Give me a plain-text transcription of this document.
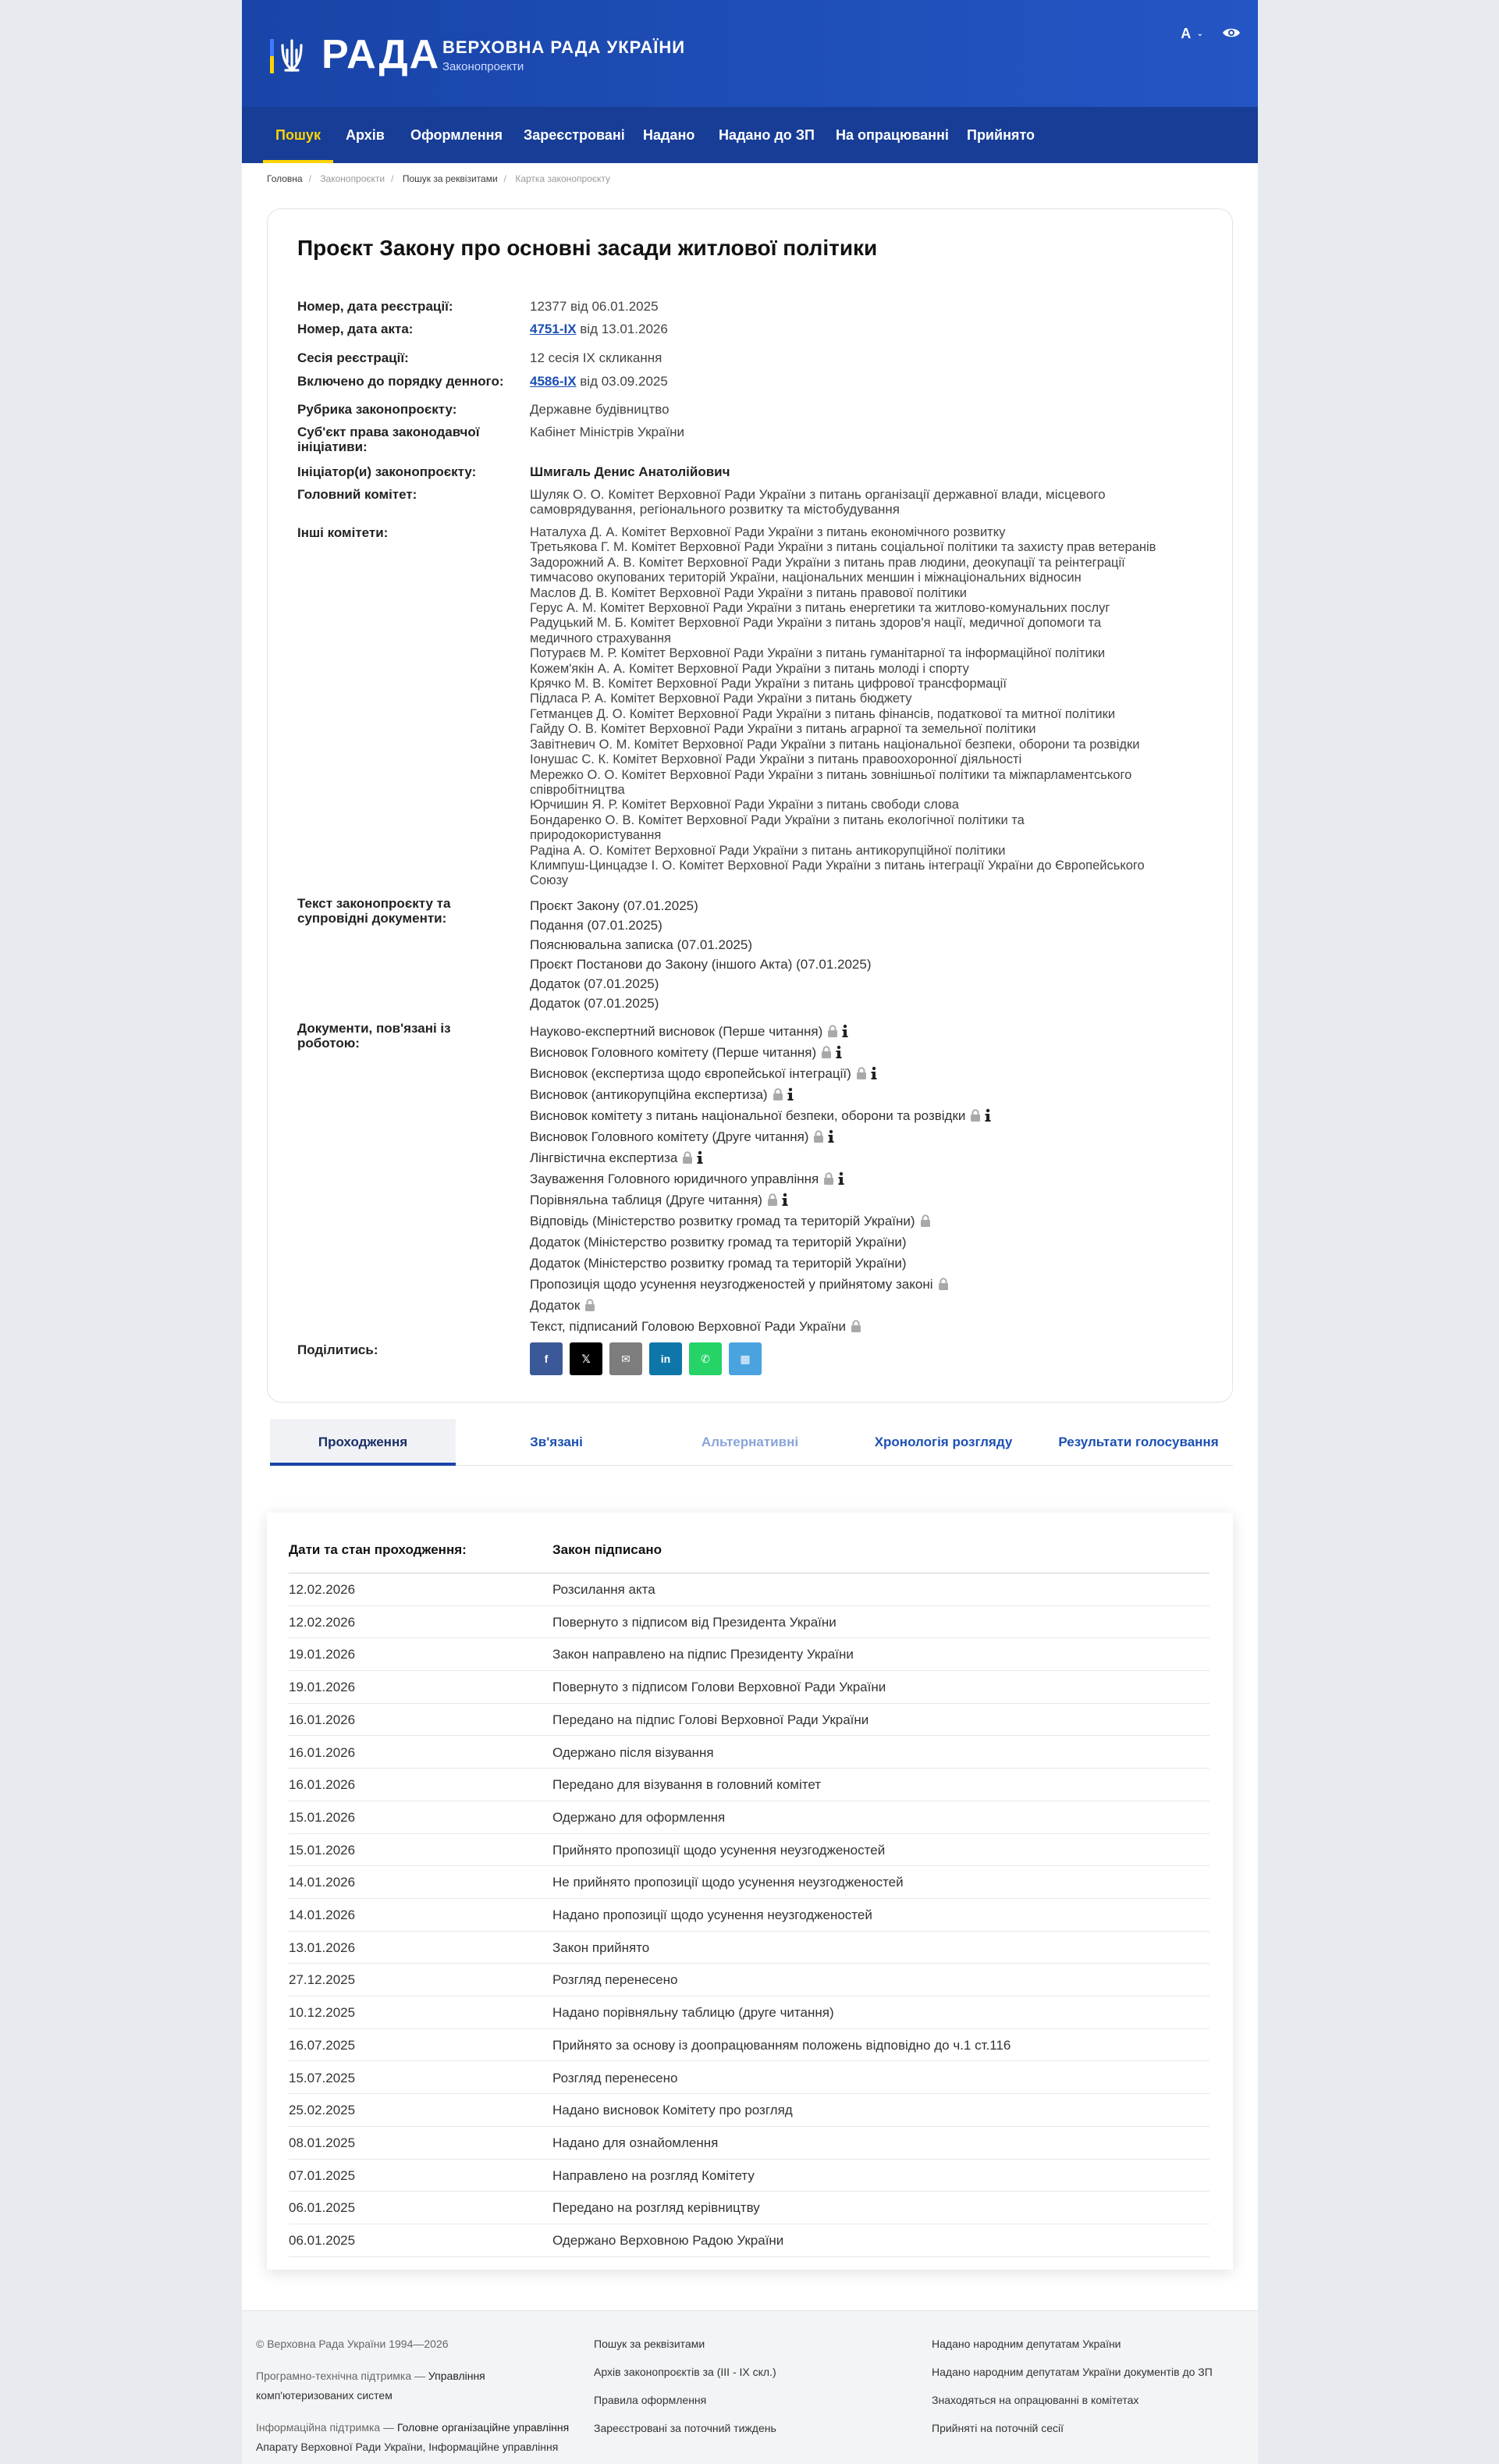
РАДА ВЕРХОВНА РАДА УКРАЇНИ
Законопроекти
A ⌄
Пошук Архів Оформлення Зареєстровані Надано Надано до ЗП На опрацюванні Прийнято
Головна / Законопроєкти / Пошук за реквізитами / Картка законопроєкту
Проєкт Закону про основні засади житлової політики
Номер, дата реєстрації:	12377 від 06.01.2025
Номер, дата акта:	4751-IX від 13.01.2026
Сесія реєстрації:	12 сесія IX скликання
Включено до порядку денного:	4586-IX від 03.09.2025
Рубрика законопроєкту:	Державне будівництво
Суб'єкт права законодавчої ініціативи:
Кабінет Міністрів України
Ініціатор(и) законопроєкту:	Шмигаль Денис Анатолійович
Головний комітет:	Шуляк О. О. Комітет Верховної Ради України з питань організації державної влади, місцевого самоврядування, регіонального розвитку та містобудування
Інші комітети:	Наталуха Д. А. Комітет Верховної Ради України з питань економічного розвитку
Третьякова Г. М. Комітет Верховної Ради України з питань соціальної політики та захисту прав ветеранів
Задорожний А. В. Комітет Верховної Ради України з питань прав людини, деокупації та реінтеграції
тимчасово окупованих територій України, національних меншин і міжнаціональних відносин
Маслов Д. В. Комітет Верховної Ради України з питань правової політики
Герус А. М. Комітет Верховної Ради України з питань енергетики та житлово-комунальних послуг
Радуцький М. Б. Комітет Верховної Ради України з питань здоров'я нації, медичної допомоги та
медичного страхування
Потураєв М. Р. Комітет Верховної Ради України з питань гуманітарної та інформаційної політики
Кожем'якін А. А. Комітет Верховної Ради України з питань молоді і спорту
Крячко М. В. Комітет Верховної Ради України з питань цифрової трансформації
Підласа Р. А. Комітет Верховної Ради України з питань бюджету
Гетманцев Д. О. Комітет Верховної Ради України з питань фінансів, податкової та митної політики
Гайду О. В. Комітет Верховної Ради України з питань аграрної та земельної політики
Завітневич О. М. Комітет Верховної Ради України з питань національної безпеки, оборони та розвідки
Іонушас С. К. Комітет Верховної Ради України з питань правоохоронної діяльності
Мережко О. О. Комітет Верховної Ради України з питань зовнішньої політики та міжпарламентського
співробітництва
Юрчишин Я. Р. Комітет Верховної Ради України з питань свободи слова
Бондаренко О. В. Комітет Верховної Ради України з питань екологічної політики та
природокористування
Радіна А. О. Комітет Верховної Ради України з питань антикорупційної політики
Климпуш-Цинцадзе І. О. Комітет Верховної Ради України з питань інтеграції України до Європейського
Союзу
Текст законопроєкту та супровідні документи:
Проєкт Закону (07.01.2025)
Подання (07.01.2025)
Пояснювальна записка (07.01.2025)
Проєкт Постанови до Закону (іншого Акта) (07.01.2025)
Додаток (07.01.2025)
Додаток (07.01.2025)
Документи, пов'язані із роботою:
Науково-експертний висновок (Перше читання)
Висновок Головного комітету (Перше читання)
Висновок (експертиза щодо європейської інтеграції)
Висновок (антикорупційна експертиза)
Висновок комітету з питань національної безпеки, оборони та розвідки
Висновок Головного комітету (Друге читання)
Лінгвістична експертиза
Зауваження Головного юридичного управління
Порівняльна таблиця (Друге читання)
Відповідь (Міністерство розвитку громад та територій України)
Додаток (Міністерство розвитку громад та територій України)
Додаток (Міністерство розвитку громад та територій України)
Пропозиція щодо усунення неузгодженостей у прийнятому законі
Додаток
Текст, підписаний Головою Верховної Ради України
Поділитись:
f	𝕏	✉	in	✆	▦
Проходження	Зв'язані	Альтернативні	Хронологія розгляду	Результати голосування
Дати та стан проходження:	Закон підписано
12.02.2026	Розсилання акта
12.02.2026	Повернуто з підписом від Президента України
19.01.2026	Закон направлено на підпис Президенту України
19.01.2026	Повернуто з підписом Голови Верховної Ради України
16.01.2026	Передано на підпис Голові Верховної Ради України
16.01.2026	Одержано після візування
16.01.2026	Передано для візування в головний комітет
15.01.2026	Одержано для оформлення
15.01.2026	Прийнято пропозиції щодо усунення неузгодженостей
14.01.2026	Не прийнято пропозиції щодо усунення неузгодженостей
14.01.2026	Надано пропозиції щодо усунення неузгодженостей
13.01.2026	Закон прийнято
27.12.2025	Розгляд перенесено
10.12.2025	Надано порівняльну таблицю (друге читання)
16.07.2025	Прийнято за основу із доопрацюванням положень відповідно до ч.1 ст.116
15.07.2025	Розгляд перенесено
25.02.2025	Надано висновок Комітету про розгляд
08.01.2025	Надано для ознайомлення
07.01.2025	Направлено на розгляд Комітету
06.01.2025	Передано на розгляд керівництву
06.01.2025	Одержано Верховною Радою України
© Верховна Рада України 1994—2026
Програмно-технічна підтримка — Управління
комп'ютеризованих систем
Інформаційна підтримка — Головне організаційне управління
Апарату Верховної Ради України, Інформаційне управління
Пошук за реквізитами
Архів законопроєктів за (III - IX скл.)
Правила оформлення
Зареєстровані за поточний тиждень
Надано народним депутатам України
Надано народним депутатам України документів до ЗП
Знаходяться на опрацюванні в комітетах
Прийняті на поточній сесії
